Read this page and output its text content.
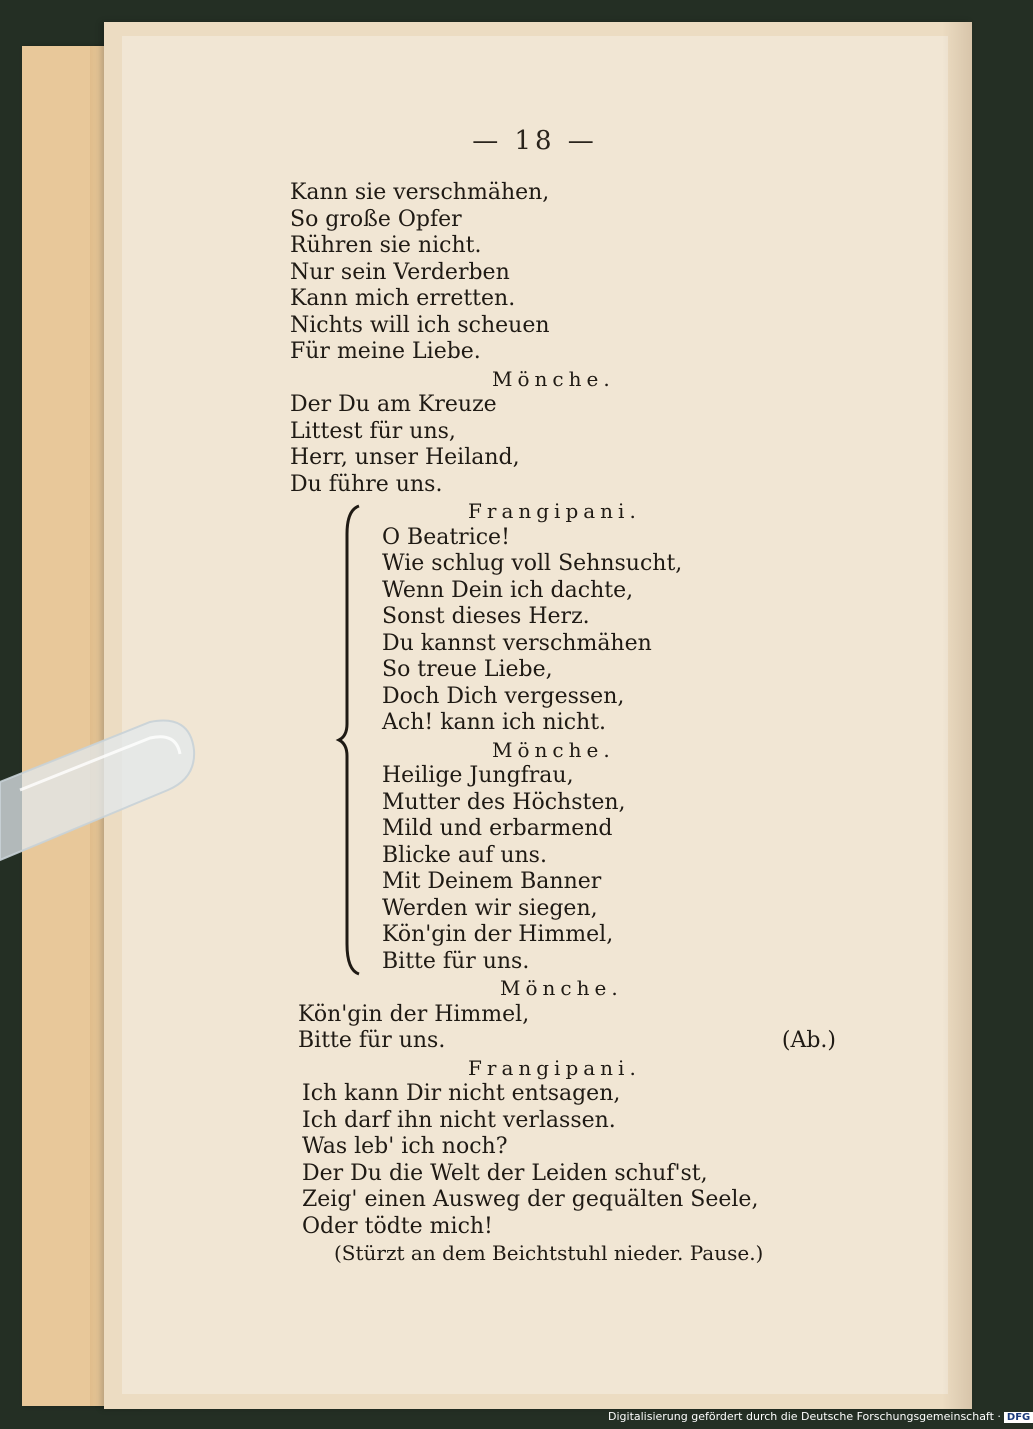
— 18 —
Kann sie verschmähen,
So große Opfer
Rühren sie nicht.
Nur sein Verderben
Kann mich erretten.
Nichts will ich scheuen
Für meine Liebe.
Mönche.
Der Du am Kreuze
Littest für uns,
Herr, unser Heiland,
Du führe uns.
Frangipani.
O Beatrice!
Wie schlug voll Sehnsucht,
Wenn Dein ich dachte,
Sonst dieses Herz.
Du kannst verschmähen
So treue Liebe,
Doch Dich vergessen,
Ach! kann ich nicht.
Mönche.
Heilige Jungfrau,
Mutter des Höchsten,
Mild und erbarmend
Blicke auf uns.
Mit Deinem Banner
Werden wir siegen,
Kön'gin der Himmel,
Bitte für uns.
Mönche.
Kön'gin der Himmel,
Bitte für uns.	(Ab.)
Frangipani.
Ich kann Dir nicht entsagen,
Ich darf ihn nicht verlassen.
Was leb' ich noch?
Der Du die Welt der Leiden schuf'st,
Zeig' einen Ausweg der gequälten Seele,
Oder tödte mich!
(Stürzt an dem Beichtstuhl nieder. Pause.)
Digitalisierung gefördert durch die Deutsche Forschungsgemeinschaft · DFG
